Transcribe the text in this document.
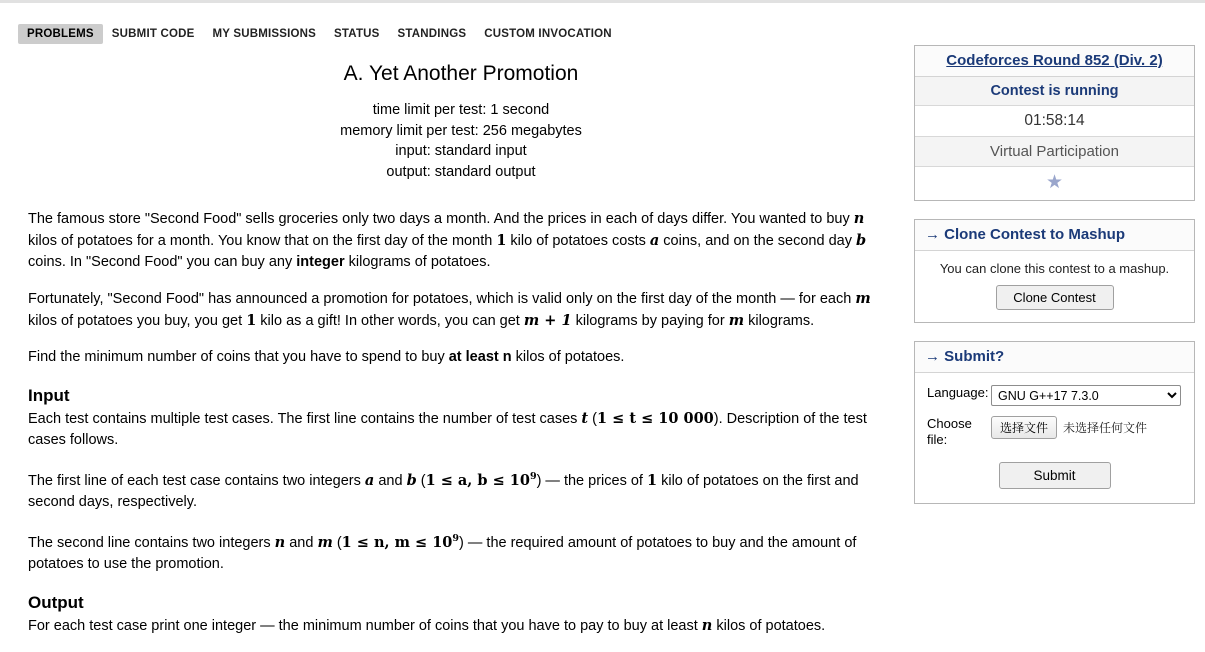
PROBLEMS	SUBMIT CODE	MY SUBMISSIONS	STATUS	STANDINGS	CUSTOM INVOCATION
A. Yet Another Promotion
time limit per test: 1 second
memory limit per test: 256 megabytes
input: standard input
output: standard output

The famous store "Second Food" sells groceries only two days a month. And the prices in each of days differ. You wanted to buy n kilos of potatoes for a month. You know that on the first day of the month 1 kilo of potatoes costs a coins, and on the second day b coins. In "Second Food" you can buy any integer kilograms of potatoes.

Fortunately, "Second Food" has announced a promotion for potatoes, which is valid only on the first day of the month — for each m kilos of potatoes you buy, you get 1 kilo as a gift! In other words, you can get m + 1 kilograms by paying for m kilograms.

Find the minimum number of coins that you have to spend to buy at least n kilos of potatoes.

Input

Each test contains multiple test cases. The first line contains the number of test cases t (1 ≤ t ≤ 10 000). Description of the test cases follows.

The first line of each test case contains two integers a and b (1 ≤ a, $b \le 10^9$) — the prices of 1 kilo of potatoes on the first and second days, respectively.

The second line contains two integers n and m (1 ≤ n, $m \le 10^9$) — the required amount of potatoes to buy and the amount of potatoes to use the promotion.

Output

For each test case print one integer — the minimum number of coins that you have to pay to buy at least n kilos of potatoes.

Codeforces Round 852 (Div. 2)
Contest is running
01:58:14
Virtual Participation
★
→ Clone Contest to Mashup
You can clone this contest to a mashup.
Clone Contest
→ Submit?
Language:
GNU G++17 7.3.0
Choose file:
选择文件	未选择任何文件
Submit
